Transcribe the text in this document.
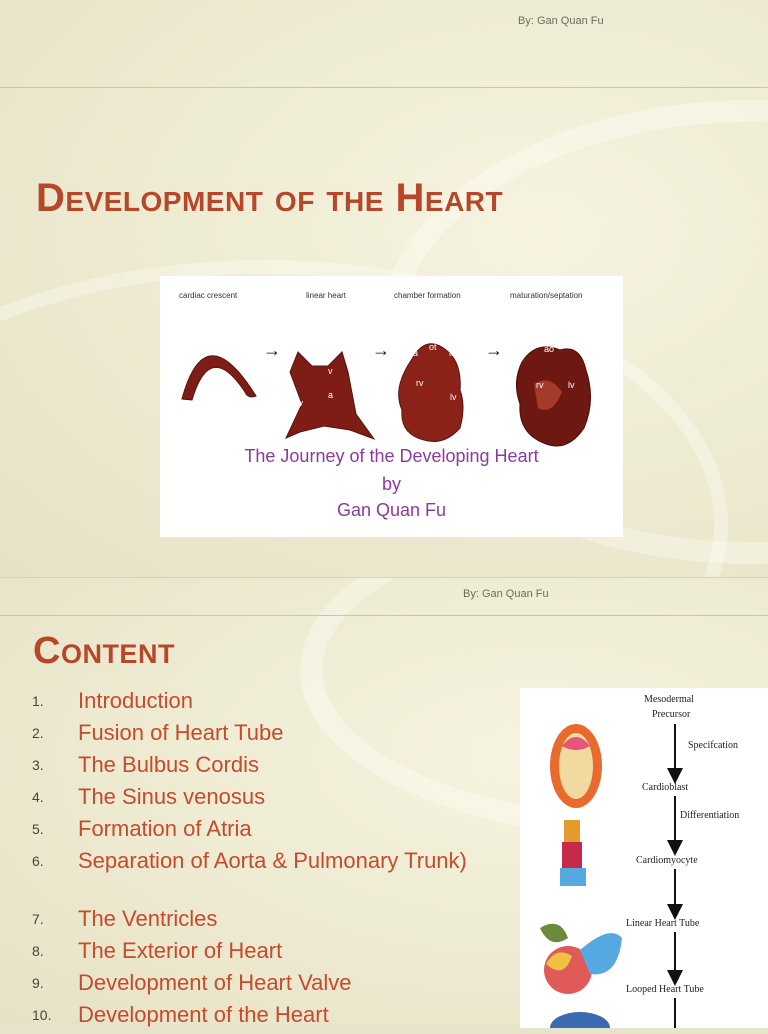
By: Gan Quan Fu
Development of the Heart
cardiac crescent	linear heart	chamber formation	maturation/septation
→	→	→
ot
v
a
sv
ra
ot
la
rv
lv
pa
ra ao la
rv	lv
The Journey of the Developing Heart
by
Gan Quan Fu
By: Gan Quan Fu
Content
1.	Introduction
2.	Fusion of Heart Tube
3.	The Bulbus Cordis
4.	The Sinus venosus
5.	Formation of Atria
6.	Separation of Aorta & Pulmonary Trunk)
7.	The Ventricles
8.	The Exterior of Heart
9.	Development of Heart Valve
10.	Development of the Heart
Mesodermal
Precursor
Specifcation
Cardioblast
Differentiation
Cardiomyocyte
Linear Heart Tube
Looped Heart Tube
